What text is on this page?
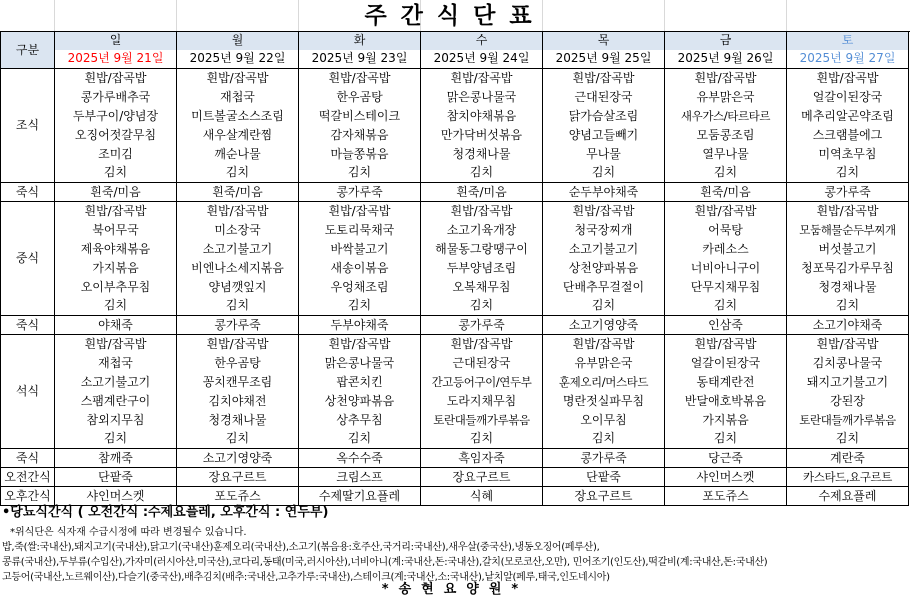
주간식단표
구분	일	월	화	수	목	금	토
	2025년 9월 21일	2025년 9월 22일	2025년 9월 23일	2025년 9월 24일	2025년 9월 25일	2025년 9월 26일	2025년 9월 27일
조식	흰밥/잡곡밥	흰밥/잡곡밥	흰밥/잡곡밥	흰밥/잡곡밥	흰밥/잡곡밥	흰밥/잡곡밥	흰밥/잡곡밥
	콩가루배추국	재첩국	한우곰탕	맑은콩나물국	근대된장국	유부맑은국	얼갈이된장국
	두부구이/양념장	미트볼굴소스조림	떡갈비스테이크	참치야채볶음	닭가슴살조림	새우가스/타르타르	메추리알곤약조림
	오징어젓갈무침	새우살계란찜	감자채볶음	만가닥버섯볶음	양념고들빼기	모둠콩조림	스크램블에그
	조미김	깨순나물	마늘쫑볶음	청경채나물	무나물	열무나물	미역초무침
	김치	김치	김치	김치	김치	김치	김치
죽식	흰죽/미음	흰죽/미음	콩가루죽	흰죽/미음	순두부야채죽	흰죽/미음	콩가루죽
중식	흰밥/잡곡밥	흰밥/잡곡밥	흰밥/잡곡밥	흰밥/잡곡밥	흰밥/잡곡밥	흰밥/잡곡밥	흰밥/잡곡밥
	북어무국	미소장국	도토리묵채국	소고기육개장	청국장찌개	어묵탕	모둠해물순두부찌개
	제육야채볶음	소고기불고기	바싹불고기	해물동그랑땡구이	소고기불고기	카레소스	버섯불고기
	가지볶음	비엔나소세지볶음	새송이볶음	두부양념조림	상천양파볶음	너비아니구이	청포묵김가루무침
	오이부추무침	양념깻잎지	우엉채조림	오복채무침	단배추무걸절이	단무지채무침	청경채나물
	김치	김치	김치	김치	김치	김치	김치
죽식	야채죽	콩가루죽	두부야채죽	콩가루죽	소고기영양죽	인삼죽	소고기야채죽
석식	흰밥/잡곡밥	흰밥/잡곡밥	흰밥/잡곡밥	흰밥/잡곡밥	흰밥/잡곡밥	흰밥/잡곡밥	흰밥/잡곡밥
	재첩국	한우곰탕	맑은콩나물국	근대된장국	유부맑은국	얼갈이된장국	김치콩나물국
	소고기불고기	꽁치캔무조림	팝콘치킨	간고등어구이/연두부	훈제오리/머스타드	동태계란전	돼지고기불고기
	스팸계란구이	김치야채전	상천양파볶음	도라지채무침	명란젓실파무침	반달애호박볶음	강된장
	참외지무침	청경채나물	상추무침	토란대들깨가루볶음	오이무침	가지볶음	토란대들깨가루볶음
	김치	김치	김치	김치	김치	김치	김치
죽식	참깨죽	소고기영양죽	옥수수죽	흑임자죽	콩가루죽	당근죽	계란죽
오전간식	단팥죽	장요구르트	크림스프	장요구르트	단팥죽	샤인머스켓	카스타드,요구르트
오후간식	샤인머스켓	포도쥬스	수제딸기요플레	식혜	장요구르트	포도쥬스	수제요플레
•당뇨식간식 ( 오전간식 :수제요플레, 오후간식 : 연두부)
*위식단은 식자재 수급시정에 따라 변경될수 있습니다.
밥,죽(쌀:국내산),돼지고기(국내산),닭고기(국내산)훈제오리(국내산),소고기(볶음용:호주산,국거리:국내산),새우살(중국산),냉동오징어(페루산),
콩류(국내산),두부류(수입산),가자미(러시아산,미국산),코다리,동태(미국,러시아산),너비아니(계:국내산,돈:국내산),갈치(모로코산,오만), 민어조기(인도산),떡갈비(계:국내산,돈:국내산)
고등어(국내산,노르웨이산),다슬기(중국산),배추김치(배추:국내산,고추가루:국내산),스테이크(계:국내산,소:국내산),낱치알(페루,태국,인도네시아)
*송현요양원*
